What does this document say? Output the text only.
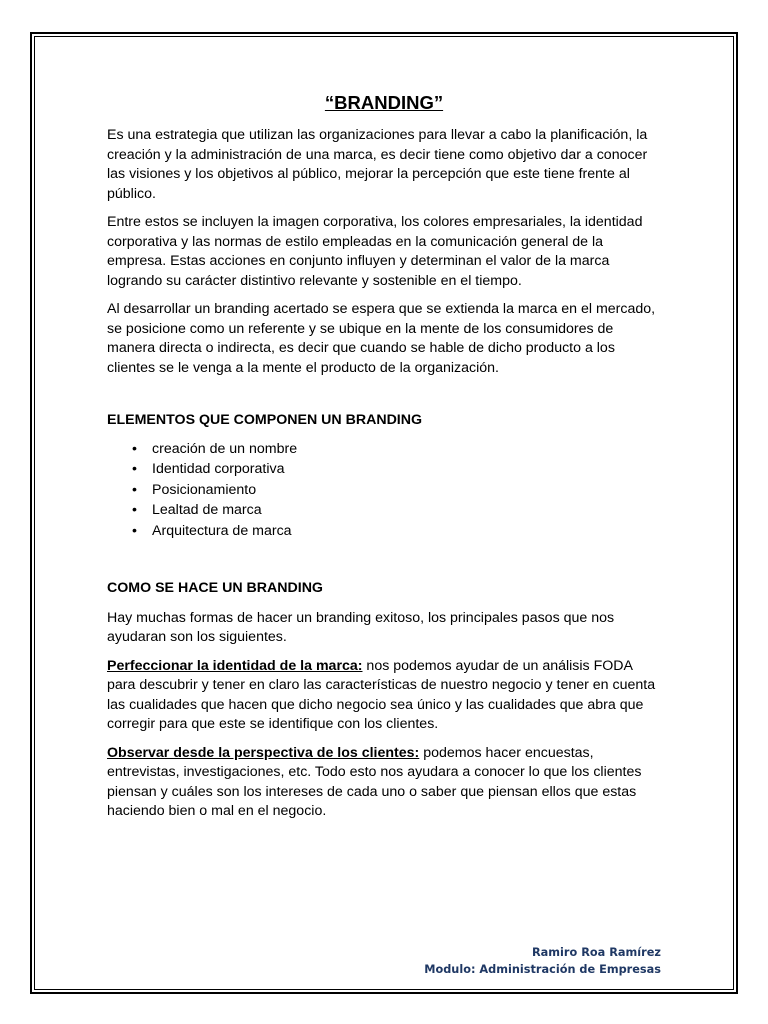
“BRANDING”

Es una estrategia que utilizan las organizaciones para llevar a cabo la planificación, la creación y la administración de una marca, es decir tiene como objetivo dar a conocer las visiones y los objetivos al público, mejorar la percepción que este tiene frente al público.

Entre estos se incluyen la imagen corporativa, los colores empresariales, la identidad corporativa y las normas de estilo empleadas en la comunicación general de la empresa. Estas acciones en conjunto influyen y determinan el valor de la marca logrando su carácter distintivo relevante y sostenible en el tiempo.

Al desarrollar un branding acertado se espera que se extienda la marca en el mercado, se posicione como un referente y se ubique en la mente de los consumidores de manera directa o indirecta, es decir que cuando se hable de dicho producto a los clientes se le venga a la mente el producto de la organización.

ELEMENTOS QUE COMPONEN UN BRANDING
• creación de un nombre
• Identidad corporativa
• Posicionamiento
• Lealtad de marca
• Arquitectura de marca
COMO SE HACE UN BRANDING

Hay muchas formas de hacer un branding exitoso, los principales pasos que nos ayudaran son los siguientes.

Perfeccionar la identidad de la marca: nos podemos ayudar de un análisis FODA para descubrir y tener en claro las características de nuestro negocio y tener en cuenta las cualidades que hacen que dicho negocio sea único y las cualidades que abra que corregir para que este se identifique con los clientes.

Observar desde la perspectiva de los clientes: podemos hacer encuestas, entrevistas, investigaciones, etc. Todo esto nos ayudara a conocer lo que los clientes piensan y cuáles son los intereses de cada uno o saber que piensan ellos que estas haciendo bien o mal en el negocio.

Ramiro Roa Ramírez
Modulo: Administración de Empresas
